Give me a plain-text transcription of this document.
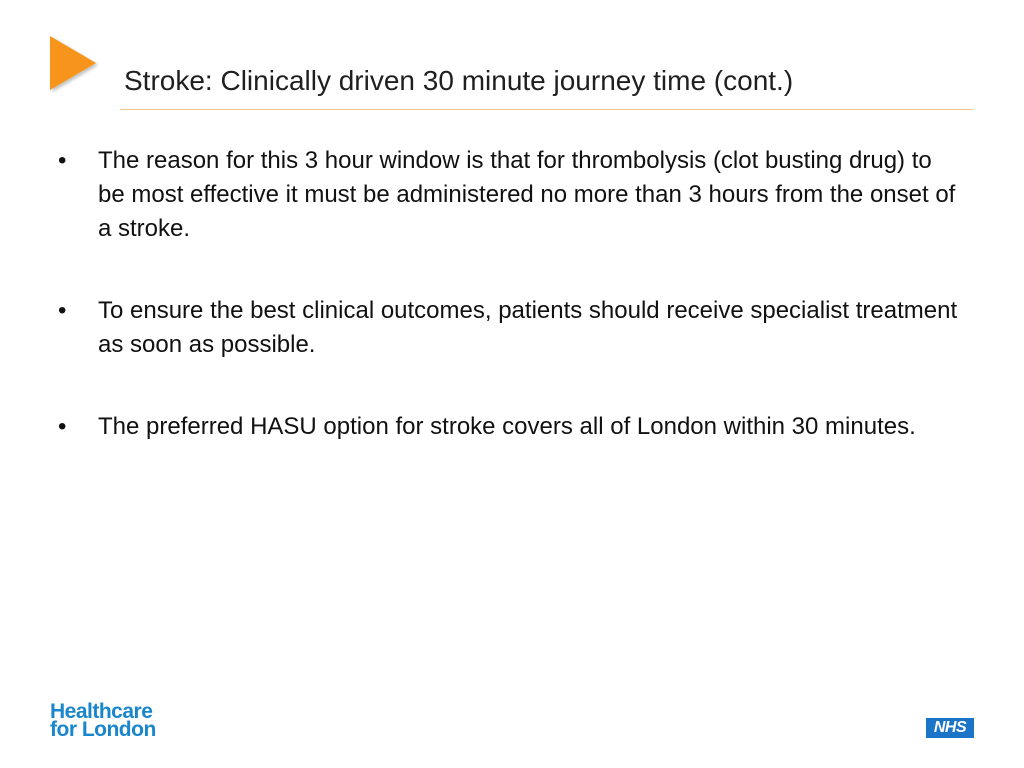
Stroke: Clinically driven 30 minute journey time (cont.)
• The reason for this 3 hour window is that for thrombolysis (clot busting drug) to be most effective it must be administered no more than 3 hours from the onset of a stroke.
• To ensure the best clinical outcomes, patients should receive specialist treatment as soon as possible.
• The preferred HASU option for stroke covers all of London within 30 minutes.
Healthcare
for London	NHS
